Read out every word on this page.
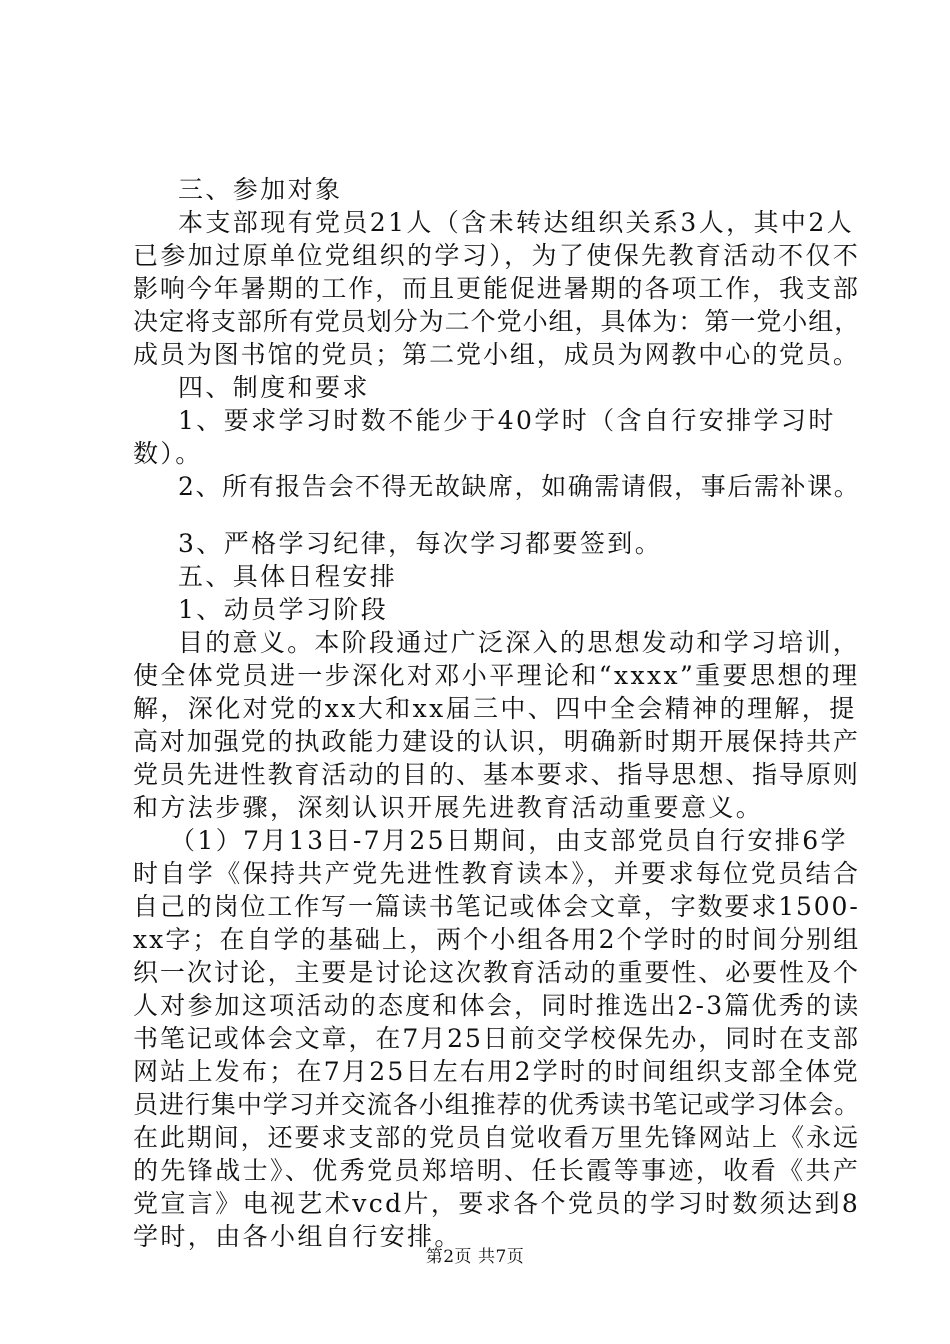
三、参加对象
本支部现有党员21人（含未转达组织关系3人，其中2人
已参加过原单位党组织的学习），为了使保先教育活动不仅不
影响今年暑期的工作，而且更能促进暑期的各项工作，我支部
决定将支部所有党员划分为二个党小组，具体为：第一党小组，
成员为图书馆的党员；第二党小组，成员为网教中心的党员。
四、制度和要求
1、要求学习时数不能少于40学时（含自行安排学习时
数）。
2、所有报告会不得无故缺席，如确需请假，事后需补课。
3、严格学习纪律，每次学习都要签到。
五、具体日程安排
1、动员学习阶段
目的意义。本阶段通过广泛深入的思想发动和学习培训，
使全体党员进一步深化对邓小平理论和“xxxx”重要思想的理
解，深化对党的xx大和xx届三中、四中全会精神的理解，提
高对加强党的执政能力建设的认识，明确新时期开展保持共产
党员先进性教育活动的目的、基本要求、指导思想、指导原则
和方法步骤，深刻认识开展先进教育活动重要意义。
（1）7月13日-7月25日期间，由支部党员自行安排6学
时自学《保持共产党先进性教育读本》，并要求每位党员结合
自己的岗位工作写一篇读书笔记或体会文章，字数要求1500-
xx字；在自学的基础上，两个小组各用2个学时的时间分别组
织一次讨论，主要是讨论这次教育活动的重要性、必要性及个
人对参加这项活动的态度和体会，同时推选出2-3篇优秀的读
书笔记或体会文章，在7月25日前交学校保先办，同时在支部
网站上发布；在7月25日左右用2学时的时间组织支部全体党
员进行集中学习并交流各小组推荐的优秀读书笔记或学习体会。
在此期间，还要求支部的党员自觉收看万里先锋网站上《永远
的先锋战士》、优秀党员郑培明、任长霞等事迹，收看《共产
党宣言》电视艺术vcd片，要求各个党员的学习时数须达到8
学时，由各小组自行安排。
第2页 共7页
